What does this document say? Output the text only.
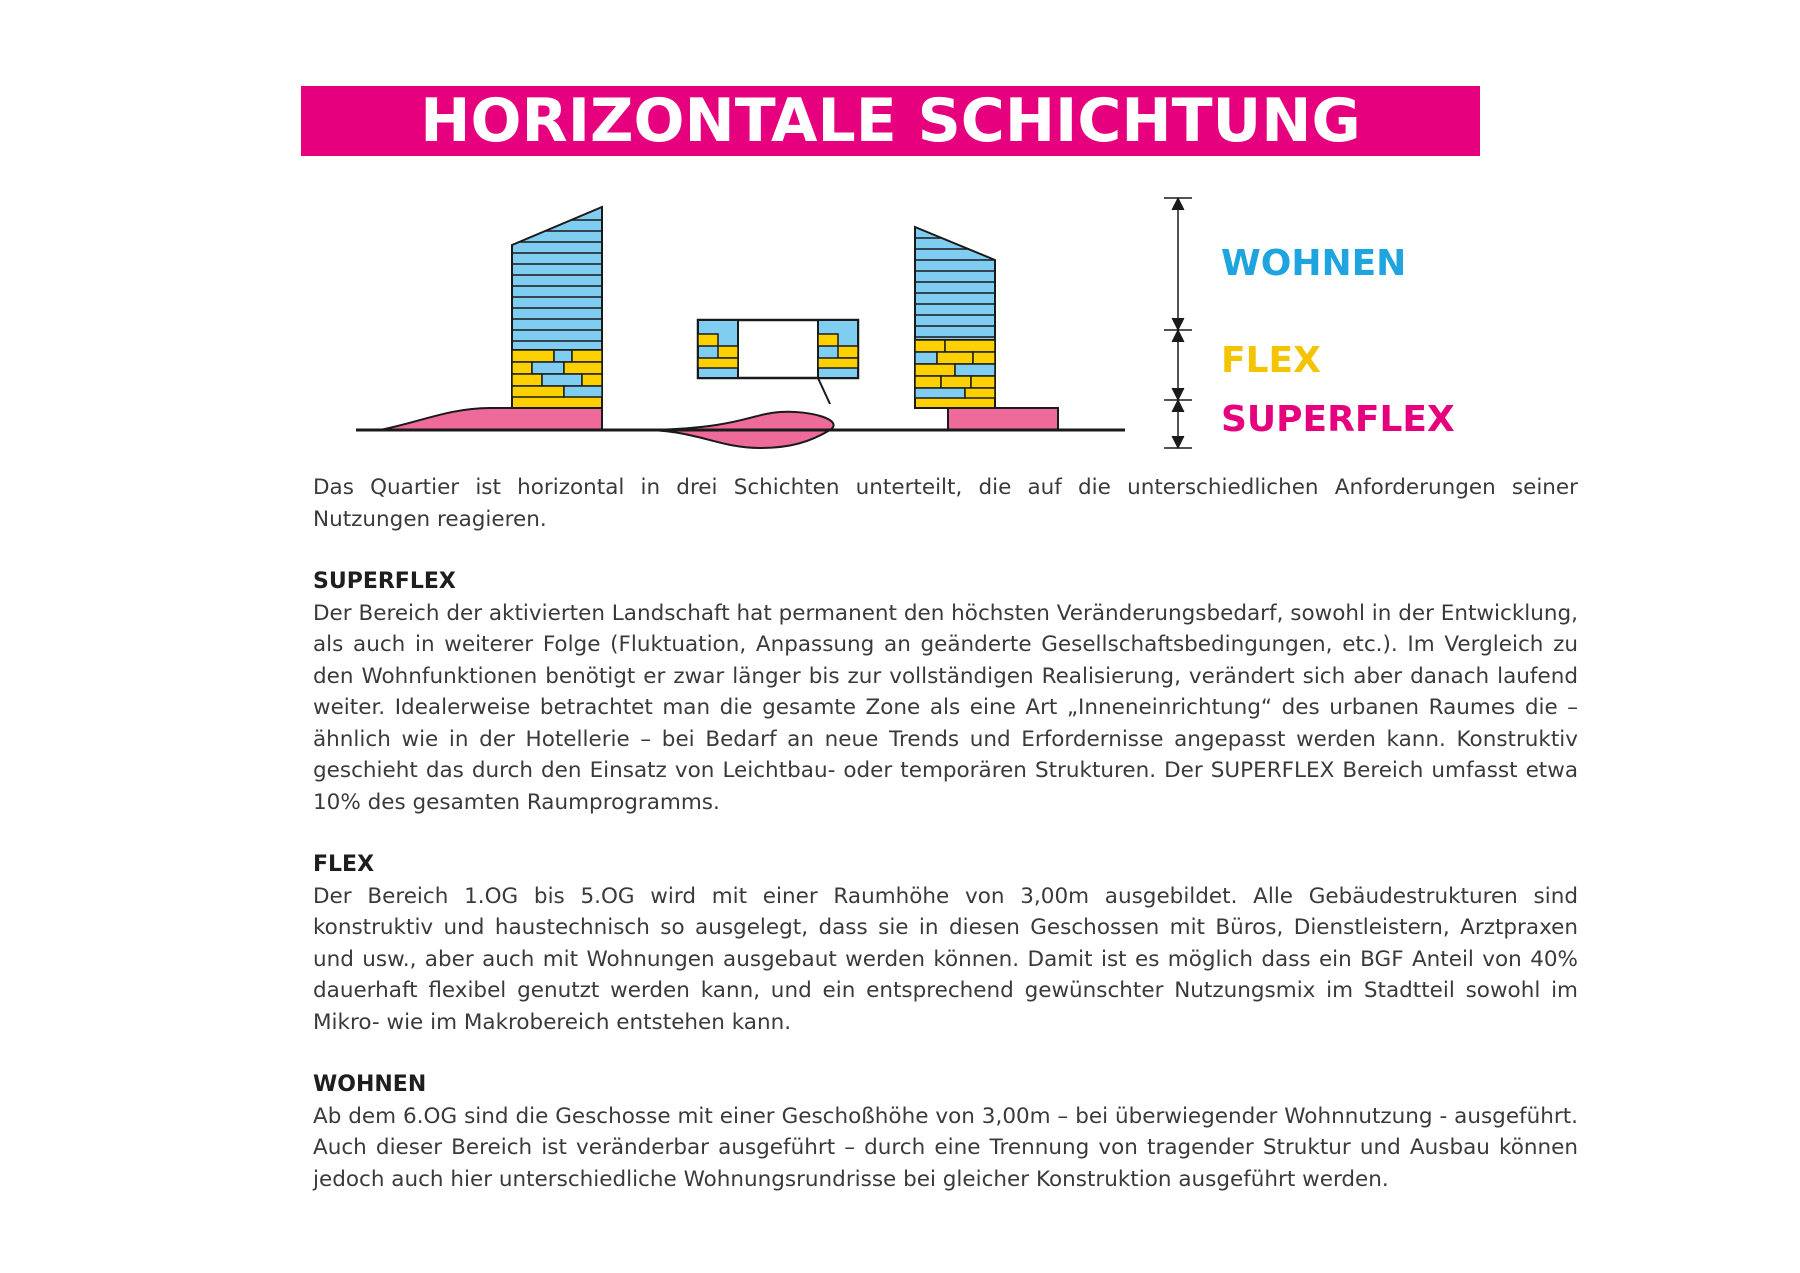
HORIZONTALE SCHICHTUNG
WOHNEN
FLEX
SUPERFLEX

Das Quartier ist horizontal in drei Schichten unterteilt, die auf die unterschiedlichen Anforderungen seiner Nutzungen reagieren.

SUPERFLEX

Der Bereich der aktivierten Landschaft hat permanent den höchsten Veränderungsbedarf, sowohl in der Entwicklung, als auch in weiterer Folge (Fluktuation, Anpassung an geänderte Gesellschaftsbedingungen, etc.). Im Vergleich zu den Wohnfunktionen benötigt er zwar länger bis zur vollständigen Realisierung, verändert sich aber danach laufend weiter. Idealerweise betrachtet man die gesamte Zone als eine Art „Inneneinrichtung“ des urbanen Raumes die – ähnlich wie in der Hotellerie – bei Bedarf an neue Trends und Erfordernisse angepasst werden kann. Konstruktiv geschieht das durch den Einsatz von Leichtbau- oder temporären Strukturen. Der SUPERFLEX Bereich umfasst etwa 10% des gesamten Raumprogramms.

FLEX

Der Bereich 1.OG bis 5.OG wird mit einer Raumhöhe von 3,00m ausgebildet. Alle Gebäudestrukturen sind konstruktiv und haustechnisch so ausgelegt, dass sie in diesen Geschossen mit Büros, Dienstleistern, Arztpraxen und usw., aber auch mit Wohnungen ausgebaut werden können. Damit ist es möglich dass ein BGF Anteil von 40% dauerhaft flexibel genutzt werden kann, und ein entsprechend gewünschter Nutzungsmix im Stadtteil sowohl im Mikro- wie im Makrobereich entstehen kann.

WOHNEN

Ab dem 6.OG sind die Geschosse mit einer Geschoßhöhe von 3,00m – bei überwiegender Wohnnutzung - ausgeführt. Auch dieser Bereich ist veränderbar ausgeführt – durch eine Trennung von tragender Struktur und Ausbau können jedoch auch hier unterschiedliche Wohnungsrundrisse bei gleicher Konstruktion ausgeführt werden.
